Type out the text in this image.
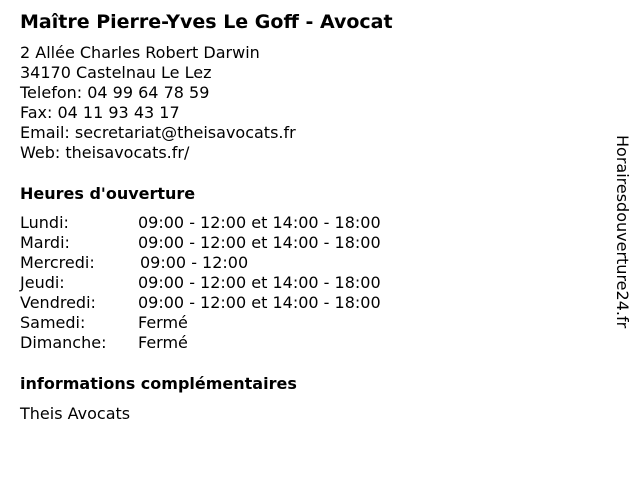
Maître Pierre-Yves Le Goff - Avocat
2 Allée Charles Robert Darwin
34170 Castelnau Le Lez
Telefon: 04 99 64 78 59
Fax: 04 11 93 43 17
Email: secretariat@theisavocats.fr
Web: theisavocats.fr/
Heures d'ouverture
Lundi:	09:00 - 12:00 et 14:00 - 18:00
Mardi:	09:00 - 12:00 et 14:00 - 18:00
Mercredi:	09:00 - 12:00
Jeudi:	09:00 - 12:00 et 14:00 - 18:00
Vendredi:	09:00 - 12:00 et 14:00 - 18:00
Samedi:	Fermé
Dimanche:	Fermé
informations complémentaires
Theis Avocats
Horairesdouverture24.fr
